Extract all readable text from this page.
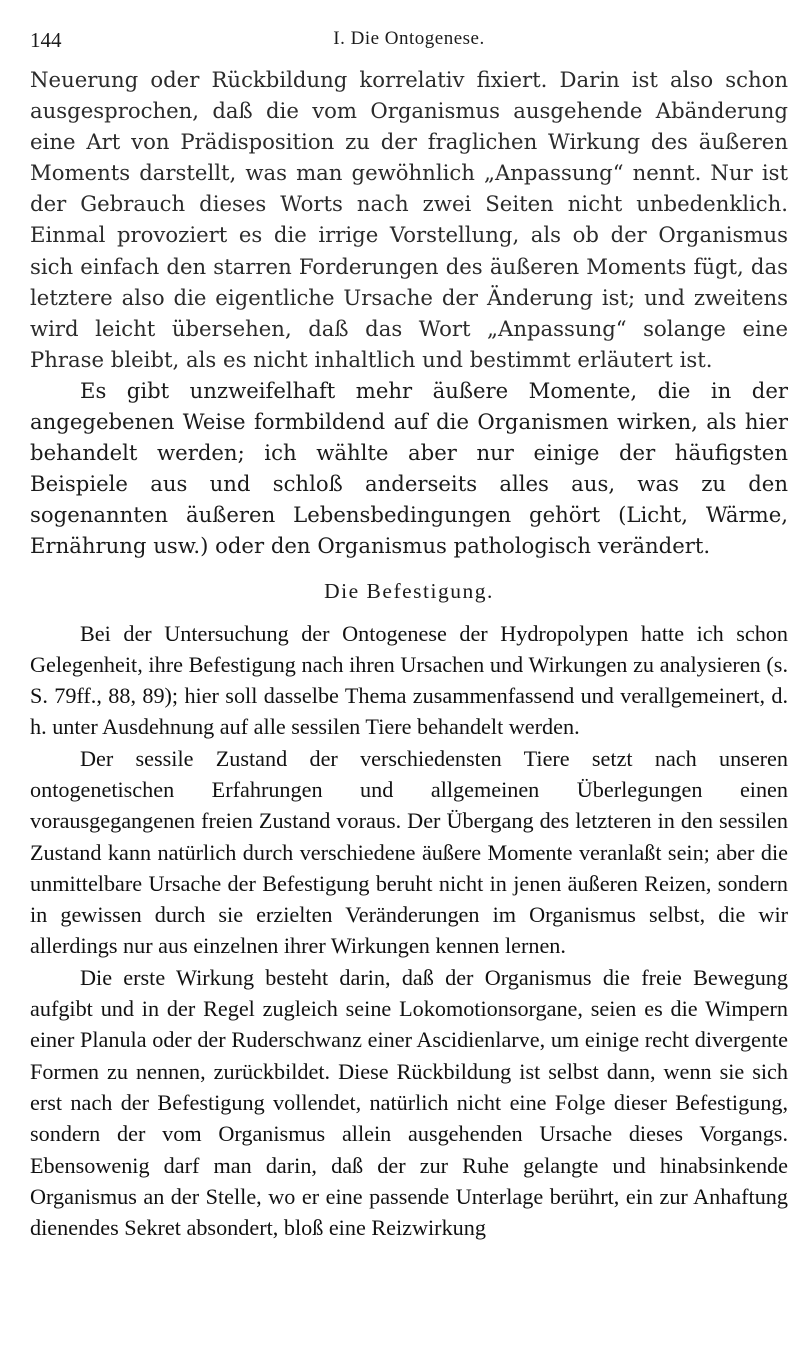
144	I. Die Ontogenese.

Neuerung oder Rückbildung korrelativ fixiert. Darin ist also schon ausgesprochen, daß die vom Organismus ausgehende Abänderung eine Art von Prädisposition zu der fraglichen Wirkung des äußeren Moments darstellt, was man gewöhnlich „Anpassung“ nennt. Nur ist der Gebrauch dieses Worts nach zwei Seiten nicht unbedenklich. Einmal provoziert es die irrige Vorstellung, als ob der Organismus sich einfach den starren Forderungen des äußeren Moments fügt, das letztere also die eigentliche Ursache der Änderung ist; und zweitens wird leicht übersehen, daß das Wort „Anpassung“ solange eine Phrase bleibt, als es nicht inhaltlich und bestimmt erläutert ist.

Es gibt unzweifelhaft mehr äußere Momente, die in der angegebenen Weise formbildend auf die Organismen wirken, als hier behandelt werden; ich wählte aber nur einige der häufigsten Beispiele aus und schloß anderseits alles aus, was zu den sogenannten äußeren Lebensbedingungen gehört (Licht, Wärme, Ernährung usw.) oder den Organismus pathologisch verändert.

Die Befestigung.

Bei der Untersuchung der Ontogenese der Hydropolypen hatte ich schon Gelegenheit, ihre Befestigung nach ihren Ursachen und Wirkungen zu analysieren (s. S. 79ff., 88, 89); hier soll dasselbe Thema zusammenfassend und verallgemeinert, d. h. unter Ausdehnung auf alle sessilen Tiere behandelt werden.

Der sessile Zustand der verschiedensten Tiere setzt nach unseren ontogenetischen Erfahrungen und allgemeinen Überlegungen einen vorausgegangenen freien Zustand voraus. Der Übergang des letzteren in den sessilen Zustand kann natürlich durch verschiedene äußere Momente veranlaßt sein; aber die unmittelbare Ursache der Befestigung beruht nicht in jenen äußeren Reizen, sondern in gewissen durch sie erzielten Veränderungen im Organismus selbst, die wir allerdings nur aus einzelnen ihrer Wirkungen kennen lernen.

Die erste Wirkung besteht darin, daß der Organismus die freie Bewegung aufgibt und in der Regel zugleich seine Lokomotionsorgane, seien es die Wimpern einer Planula oder der Ruderschwanz einer Ascidienlarve, um einige recht divergente Formen zu nennen, zurückbildet. Diese Rückbildung ist selbst dann, wenn sie sich erst nach der Befestigung vollendet, natürlich nicht eine Folge dieser Befestigung, sondern der vom Organismus allein ausgehenden Ursache dieses Vorgangs. Ebensowenig darf man darin, daß der zur Ruhe gelangte und hinabsinkende Organismus an der Stelle, wo er eine passende Unterlage berührt, ein zur Anhaftung dienendes Sekret absondert, bloß eine Reizwirkung
